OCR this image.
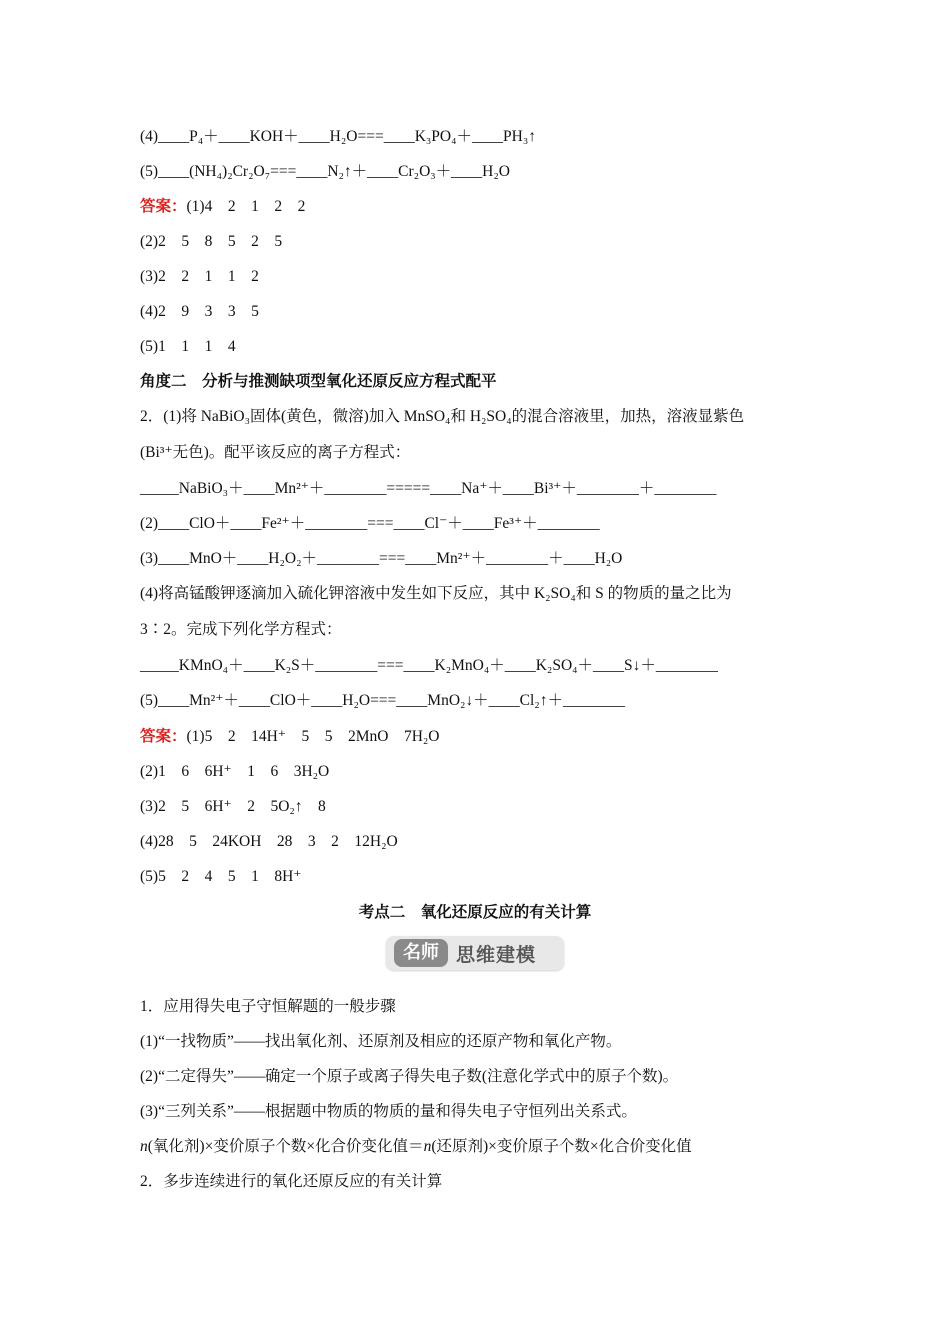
(4)____P₄＋____KOH＋____H₂O===____K₃PO₄＋____PH₃↑
(5)____(NH₄)₂Cr₂O₇===____N₂↑＋____Cr₂O₃＋____H₂O
答案：(1)4　2　1　2　2
(2)2　5　8　5　2　5
(3)2　2　1　1　2
(4)2　9　3　3　5
(5)1　1　1　4
角度二　分析与推测缺项型氧化还原反应方程式配平
2．(1)将 NaBiO₃固体(黄色，微溶)加入 MnSO₄和 H₂SO₄的混合溶液里，加热，溶液显紫色
(Bi³⁺无色)。配平该反应的离子方程式：
_____NaBiO₃＋____Mn²⁺＋________=====____Na⁺＋____Bi³⁺＋________＋________
(2)____ClO＋____Fe²⁺＋________===____Cl⁻＋____Fe³⁺＋________
(3)____MnO＋____H₂O₂＋________===____Mn²⁺＋________＋____H₂O
(4)将高锰酸钾逐滴加入硫化钾溶液中发生如下反应，其中 K₂SO₄和 S 的物质的量之比为
3∶2。完成下列化学方程式：
_____KMnO₄＋____K₂S＋________===____K₂MnO₄＋____K₂SO₄＋____S↓＋________
(5)____Mn²⁺＋____ClO＋____H₂O===____MnO₂↓＋____Cl₂↑＋________
答案：(1)5　2　14H⁺　5　5　2MnO　7H₂O
(2)1　6　6H⁺　1　6　3H₂O
(3)2　5　6H⁺　2　5O₂↑　8
(4)28　5　24KOH　28　3　2　12H₂O
(5)5　2　4　5　1　8H⁺
考点二　氧化还原反应的有关计算
名师 思维建模
1．应用得失电子守恒解题的一般步骤
(1)“一找物质”——找出氧化剂、还原剂及相应的还原产物和氧化产物。
(2)“二定得失”——确定一个原子或离子得失电子数(注意化学式中的原子个数)。
(3)“三列关系”——根据题中物质的物质的量和得失电子守恒列出关系式。
n(氧化剂)×变价原子个数×化合价变化值＝n(还原剂)×变价原子个数×化合价变化值
2．多步连续进行的氧化还原反应的有关计算
